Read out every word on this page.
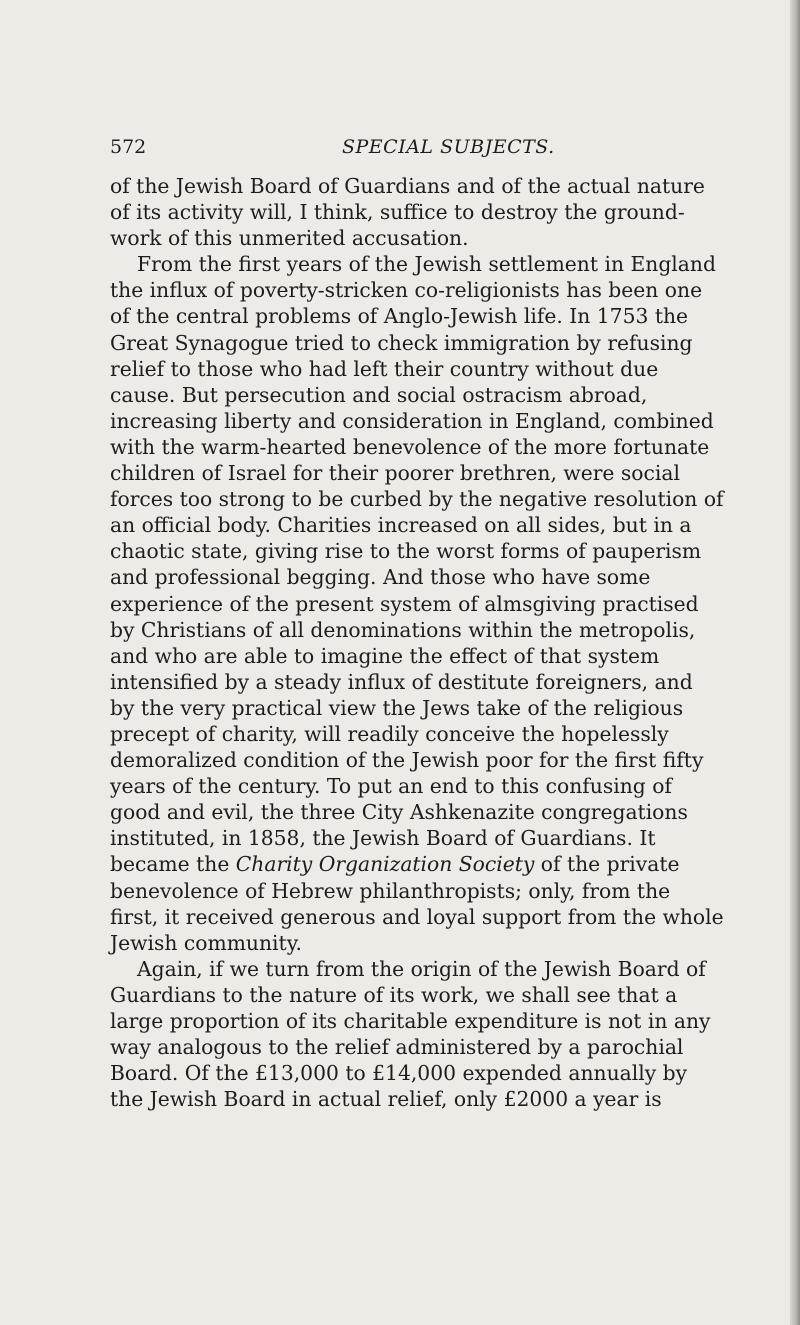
572	SPECIAL SUBJECTS.
of the Jewish Board of Guardians and of the actual nature
of its activity will, I think, suffice to destroy the ground-
work of this unmerited accusation.
From the first years of the Jewish settlement in England
the influx of poverty-stricken co-religionists has been one
of the central problems of Anglo-Jewish life. In 1753 the
Great Synagogue tried to check immigration by refusing
relief to those who had left their country without due
cause. But persecution and social ostracism abroad,
increasing liberty and consideration in England, combined
with the warm-hearted benevolence of the more fortunate
children of Israel for their poorer brethren, were social
forces too strong to be curbed by the negative resolution of
an official body. Charities increased on all sides, but in a
chaotic state, giving rise to the worst forms of pauperism
and professional begging. And those who have some
experience of the present system of almsgiving practised
by Christians of all denominations within the metropolis,
and who are able to imagine the effect of that system
intensified by a steady influx of destitute foreigners, and
by the very practical view the Jews take of the religious
precept of charity, will readily conceive the hopelessly
demoralized condition of the Jewish poor for the first fifty
years of the century. To put an end to this confusing of
good and evil, the three City Ashkenazite congregations
instituted, in 1858, the Jewish Board of Guardians. It
became the Charity Organization Society of the private
benevolence of Hebrew philanthropists; only, from the
first, it received generous and loyal support from the whole
Jewish community.
Again, if we turn from the origin of the Jewish Board of
Guardians to the nature of its work, we shall see that a
large proportion of its charitable expenditure is not in any
way analogous to the relief administered by a parochial
Board. Of the £13,000 to £14,000 expended annually by
the Jewish Board in actual relief, only £2000 a year is
